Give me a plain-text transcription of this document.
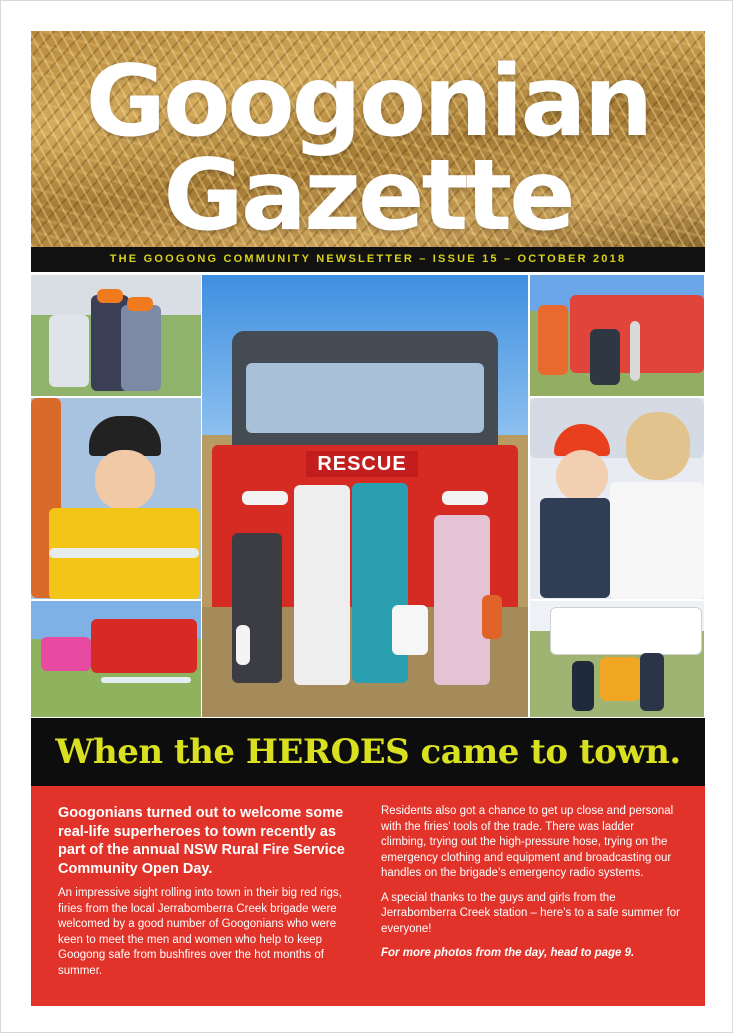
Googonian
Gazette
THE GOOGONG COMMUNITY NEWSLETTER – ISSUE 15 – OCTOBER 2018
RESCUE
When the HEROES came to town.

Googonians turned out to welcome some real-life superheroes to town recently as part of the annual NSW Rural Fire Service Community Open Day.

An impressive sight rolling into town in their big red rigs, firies from the local Jerrabomberra Creek brigade were welcomed by a good number of Googonians who were keen to meet the men and women who help to keep Googong safe from bushfires over the hot months of summer.

Residents also got a chance to get up close and personal with the firies’ tools of the trade. There was ladder climbing, trying out the high-pressure hose, trying on the emergency clothing and equipment and broadcasting our handles on the brigade’s emergency radio systems.

A special thanks to the guys and girls from the Jerrabomberra Creek station – here’s to a safe summer for everyone!

For more photos from the day, head to page 9.
